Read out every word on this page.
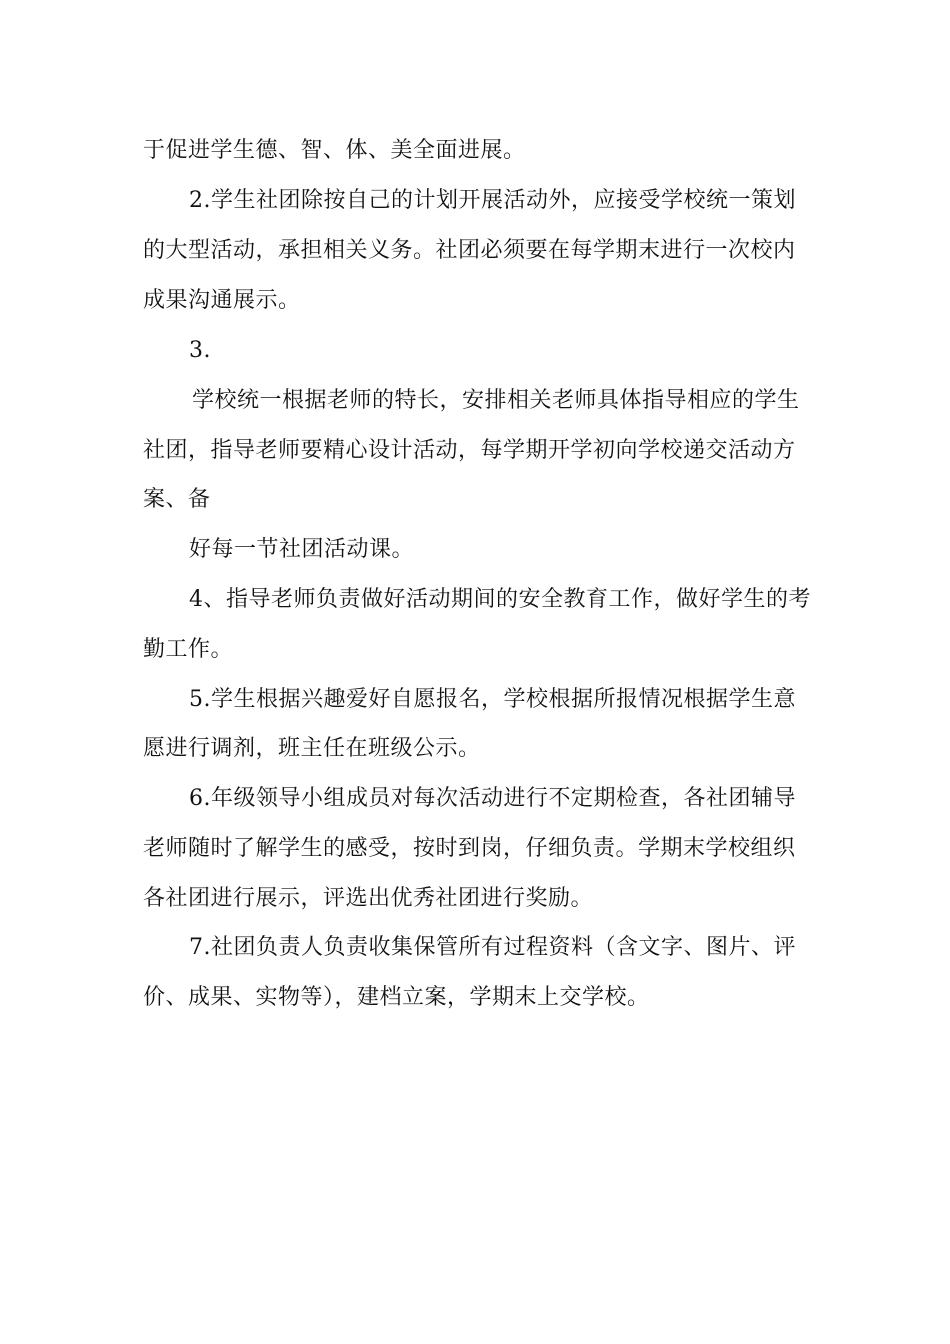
于促进学生德、智、体、美全面进展。
2.学生社团除按自己的计划开展活动外，应接受学校统一策划
的大型活动，承担相关义务。社团必须要在每学期末进行一次校内
成果沟通展示。
3.
学校统一根据老师的特长，安排相关老师具体指导相应的学生
社团，指导老师要精心设计活动，每学期开学初向学校递交活动方
案、备
好每一节社团活动课。
4、指导老师负责做好活动期间的安全教育工作，做好学生的考
勤工作。
5.学生根据兴趣爱好自愿报名，学校根据所报情况根据学生意
愿进行调剂，班主任在班级公示。
6.年级领导小组成员对每次活动进行不定期检查，各社团辅导
老师随时了解学生的感受，按时到岗，仔细负责。学期末学校组织
各社团进行展示，评选出优秀社团进行奖励。
7.社团负责人负责收集保管所有过程资料（含文字、图片、评
价、成果、实物等），建档立案，学期末上交学校。
